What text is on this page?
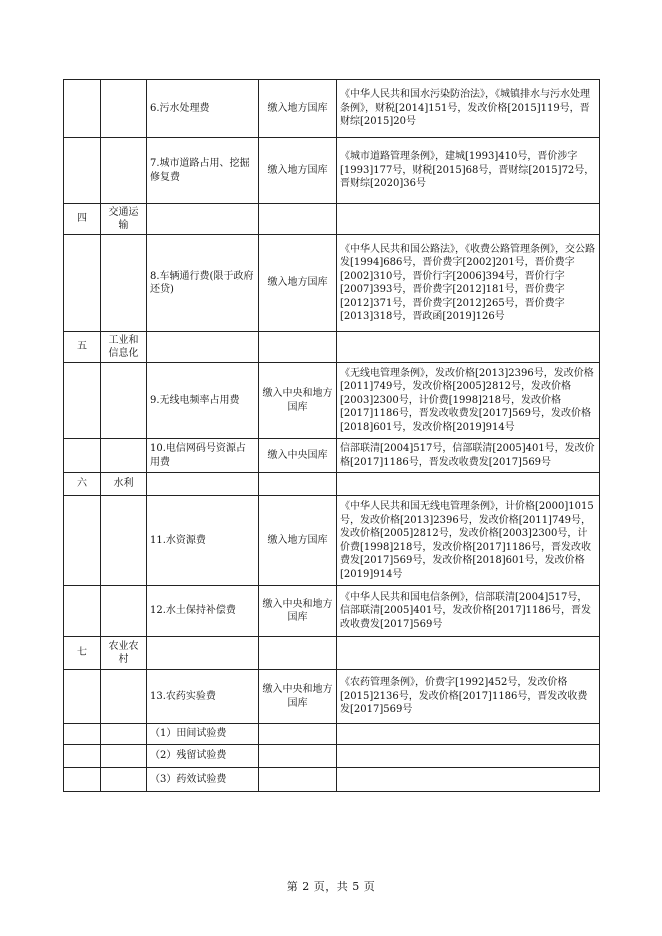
		6.污水处理费	缴入地方国库	《中华人民共和国水污染防治法》，《城镇排水与污水处理条例》，财税[2014]151号，发改价格[2015]119号，晋财综[2015]20号
		7.城市道路占用、挖掘修复费	缴入地方国库	《城市道路管理条例》，建城[1993]410号，晋价涉字[1993]177号，财税[2015]68号，晋财综[2015]72号，晋财综[2020]36号
四	交通运输			
		8.车辆通行费(限于政府还贷)	缴入地方国库	《中华人民共和国公路法》，《收费公路管理条例》，交公路发[1994]686号，晋价费字[2002]201号，晋价费字[2002]310号，晋价行字[2006]394号，晋价行字[2007]393号，晋价费字[2012]181号，晋价费字[2012]371号，晋价费字[2012]265号，晋价费字[2013]318号，晋政函[2019]126号
五	工业和信息化			
		9.无线电频率占用费	缴入中央和地方国库	《无线电管理条例》，发改价格[2013]2396号，发改价格[2011]749号，发改价格[2005]2812号，发改价格[2003]2300号，计价费[1998]218号，发改价格[2017]1186号，晋发改收费发[2017]569号，发改价格[2018]601号，发改价格[2019]914号
		10.电信网码号资源占用费	缴入中央国库	信部联清[2004]517号，信部联清[2005]401号，发改价格[2017]1186号，晋发改收费发[2017]569号
六	水利			
		11.水资源费	缴入地方国库	《中华人民共和国无线电管理条例》，计价格[2000]1015号，发改价格[2013]2396号，发改价格[2011]749号，发改价格[2005]2812号，发改价格[2003]2300号，计价费[1998]218号，发改价格[2017]1186号，晋发改收费发[2017]569号，发改价格[2018]601号，发改价格[2019]914号
		12.水土保持补偿费	缴入中央和地方国库	《中华人民共和国电信条例》，信部联清[2004]517号，信部联清[2005]401号，发改价格[2017]1186号，晋发改收费发[2017]569号
七	农业农村			
		13.农药实验费	缴入中央和地方国库	《农药管理条例》，价费字[1992]452号，发改价格[2015]2136号，发改价格[2017]1186号，晋发改收费发[2017]569号
		（1）田间试验费		
		（2）残留试验费		
		（3）药效试验费		
第 2 页，共 5 页
